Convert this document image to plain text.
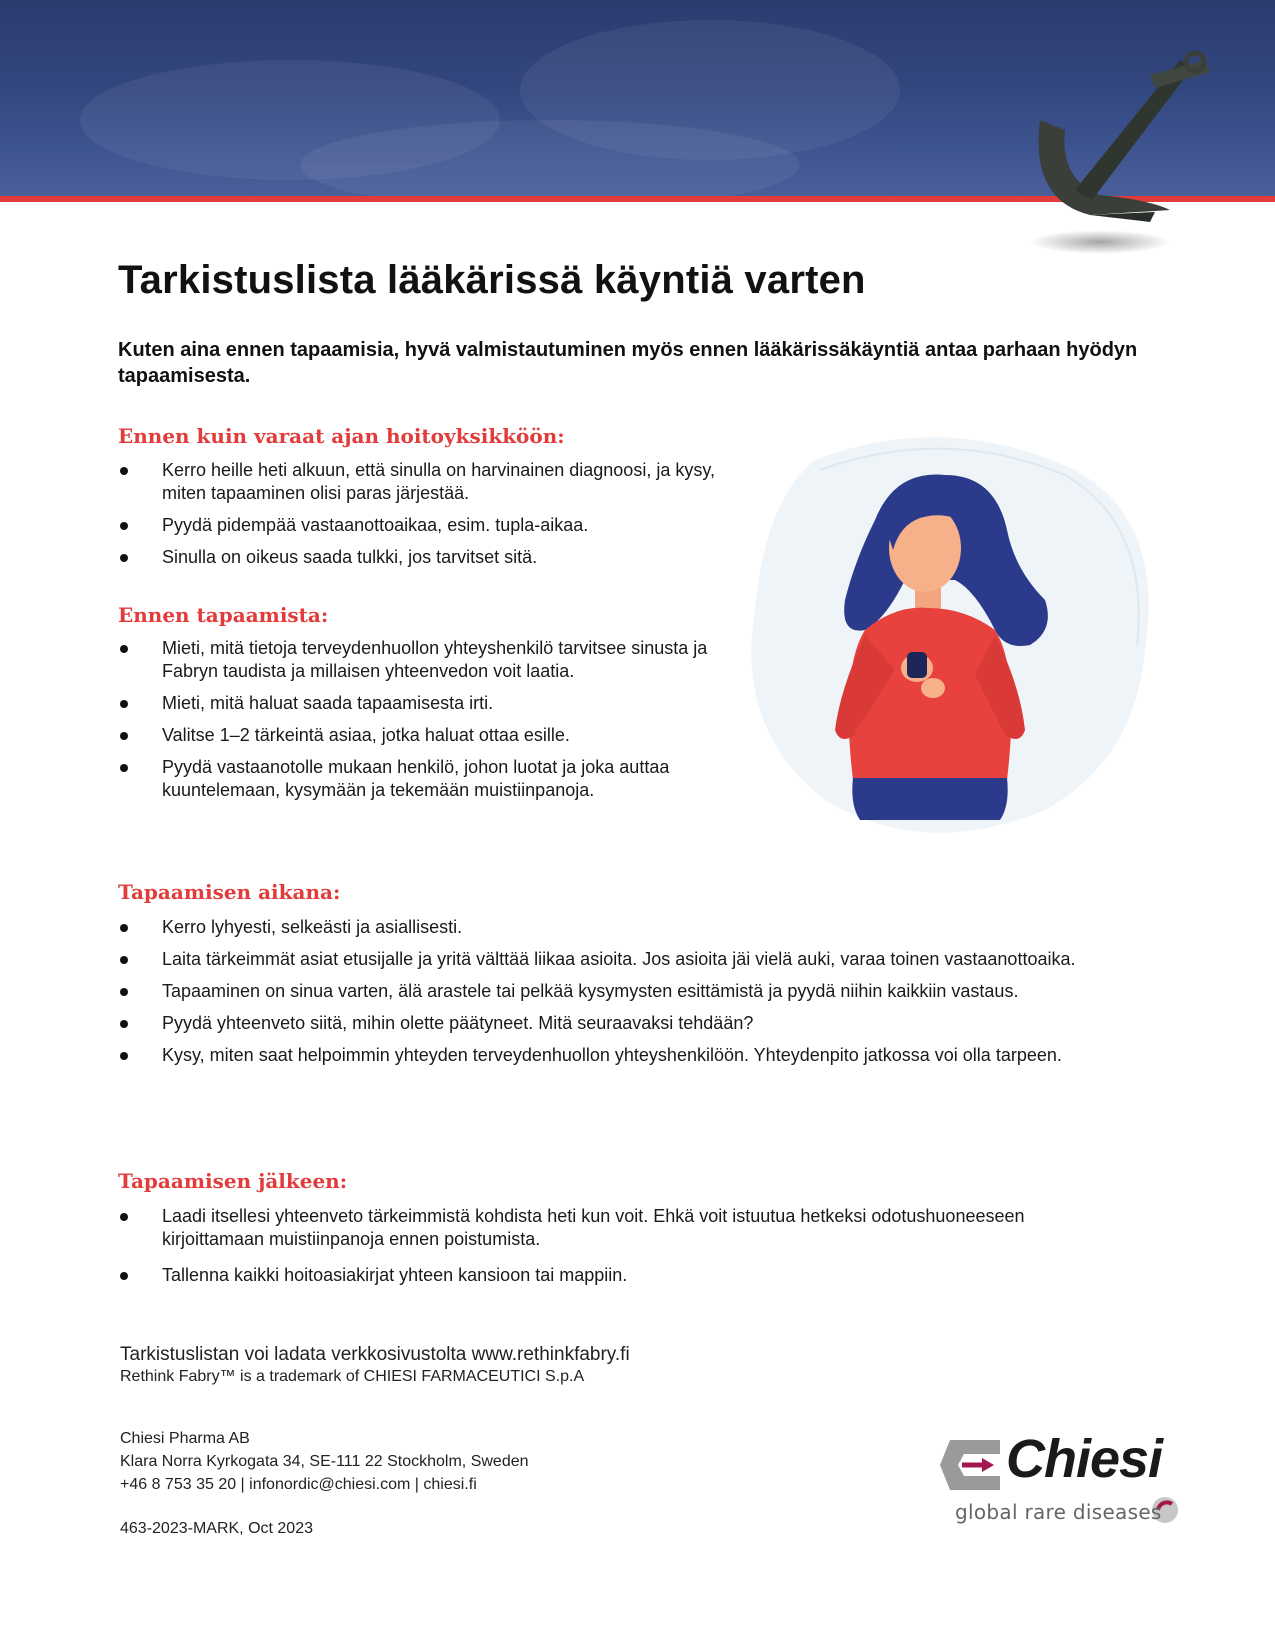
Tarkistuslista lääkärissä käyntiä varten

Kuten aina ennen tapaamisia, hyvä valmistautuminen myös ennen lääkärissäkäyntiä antaa parhaan hyödyn tapaamisesta.

Ennen kuin varaat ajan hoitoyksikköön:
Kerro heille heti alkuun, että sinulla on harvinainen diagnoosi, ja kysy, miten tapaaminen olisi paras järjestää.
Pyydä pidempää vastaanottoaikaa, esim. tupla-aikaa.
Sinulla on oikeus saada tulkki, jos tarvitset sitä.
Ennen tapaamista:
Mieti, mitä tietoja terveydenhuollon yhteyshenkilö tarvitsee sinusta ja Fabryn taudista ja millaisen yhteenvedon voit laatia.
Mieti, mitä haluat saada tapaamisesta irti.
Valitse 1–2 tärkeintä asiaa, jotka haluat ottaa esille.
Pyydä vastaanotolle mukaan henkilö, johon luotat ja joka auttaa kuuntelemaan, kysymään ja tekemään muistiinpanoja.
Tapaamisen aikana:
Kerro lyhyesti, selkeästi ja asiallisesti.
Laita tärkeimmät asiat etusijalle ja yritä välttää liikaa asioita. Jos asioita jäi vielä auki, varaa toinen vastaanottoaika.
Tapaaminen on sinua varten, älä arastele tai pelkää kysymysten esittämistä ja pyydä niihin kaikkiin vastaus.
Pyydä yhteenveto siitä, mihin olette päätyneet. Mitä seuraavaksi tehdään?
Kysy, miten saat helpoimmin yhteyden terveydenhuollon yhteyshenkilöön. Yhteydenpito jatkossa voi olla tarpeen.
Tapaamisen jälkeen:
Laadi itsellesi yhteenveto tärkeimmistä kohdista heti kun voit. Ehkä voit istuutua hetkeksi odotushuoneeseen kirjoittamaan muistiinpanoja ennen poistumista.
Tallenna kaikki hoitoasiakirjat yhteen kansioon tai mappiin.

Tarkistuslistan voi ladata verkkosivustolta www.rethinkfabry.fi

Rethink Fabry™ is a trademark of CHIESI FARMACEUTICI S.p.A

Chiesi Pharma AB

Klara Norra Kyrkogata 34, SE-111 22 Stockholm, Sweden

+46 8 753 35 20 | infonordic@chiesi.com | chiesi.fi

463-2023-MARK, Oct 2023

Chiesi

global rare diseases
